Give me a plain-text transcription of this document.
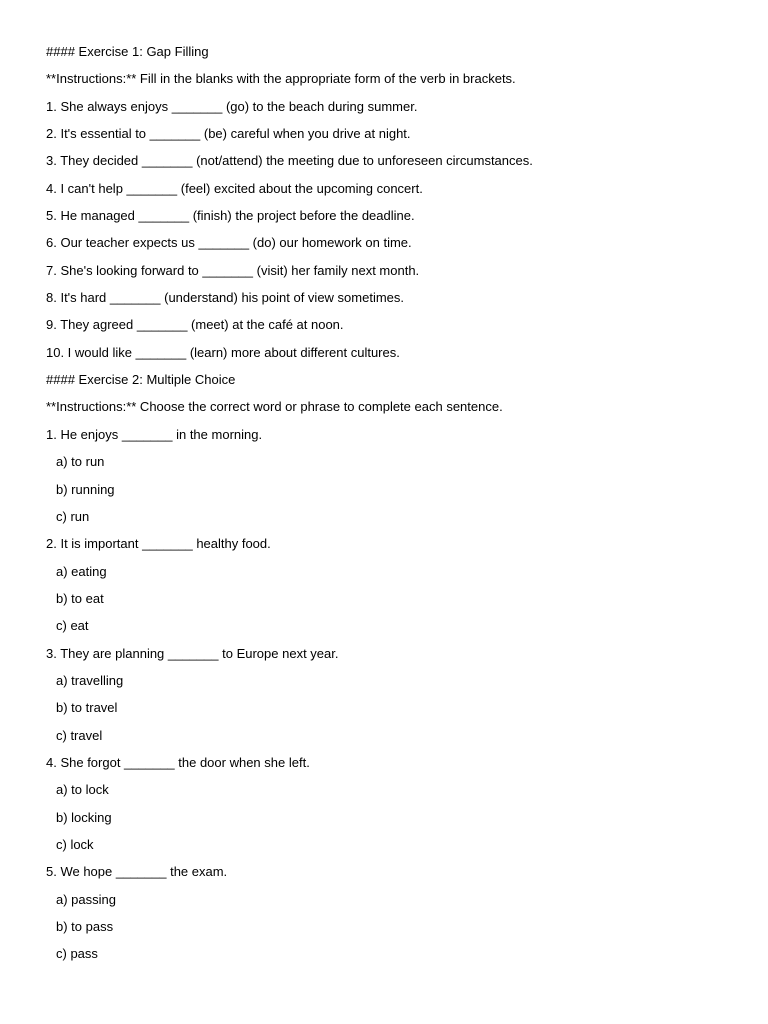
#### Exercise 1: Gap Filling
**Instructions:** Fill in the blanks with the appropriate form of the verb in brackets.
1. She always enjoys _______ (go) to the beach during summer.
2. It's essential to _______ (be) careful when you drive at night.
3. They decided _______ (not/attend) the meeting due to unforeseen circumstances.
4. I can't help _______ (feel) excited about the upcoming concert.
5. He managed _______ (finish) the project before the deadline.
6. Our teacher expects us _______ (do) our homework on time.
7. She's looking forward to _______ (visit) her family next month.
8. It's hard _______ (understand) his point of view sometimes.
9. They agreed _______ (meet) at the café at noon.
10. I would like _______ (learn) more about different cultures.
#### Exercise 2: Multiple Choice
**Instructions:** Choose the correct word or phrase to complete each sentence.
1. He enjoys _______ in the morning.
a) to run
b) running
c) run
2. It is important _______ healthy food.
a) eating
b) to eat
c) eat
3. They are planning _______ to Europe next year.
a) travelling
b) to travel
c) travel
4. She forgot _______ the door when she left.
a) to lock
b) locking
c) lock
5. We hope _______ the exam.
a) passing
b) to pass
c) pass
